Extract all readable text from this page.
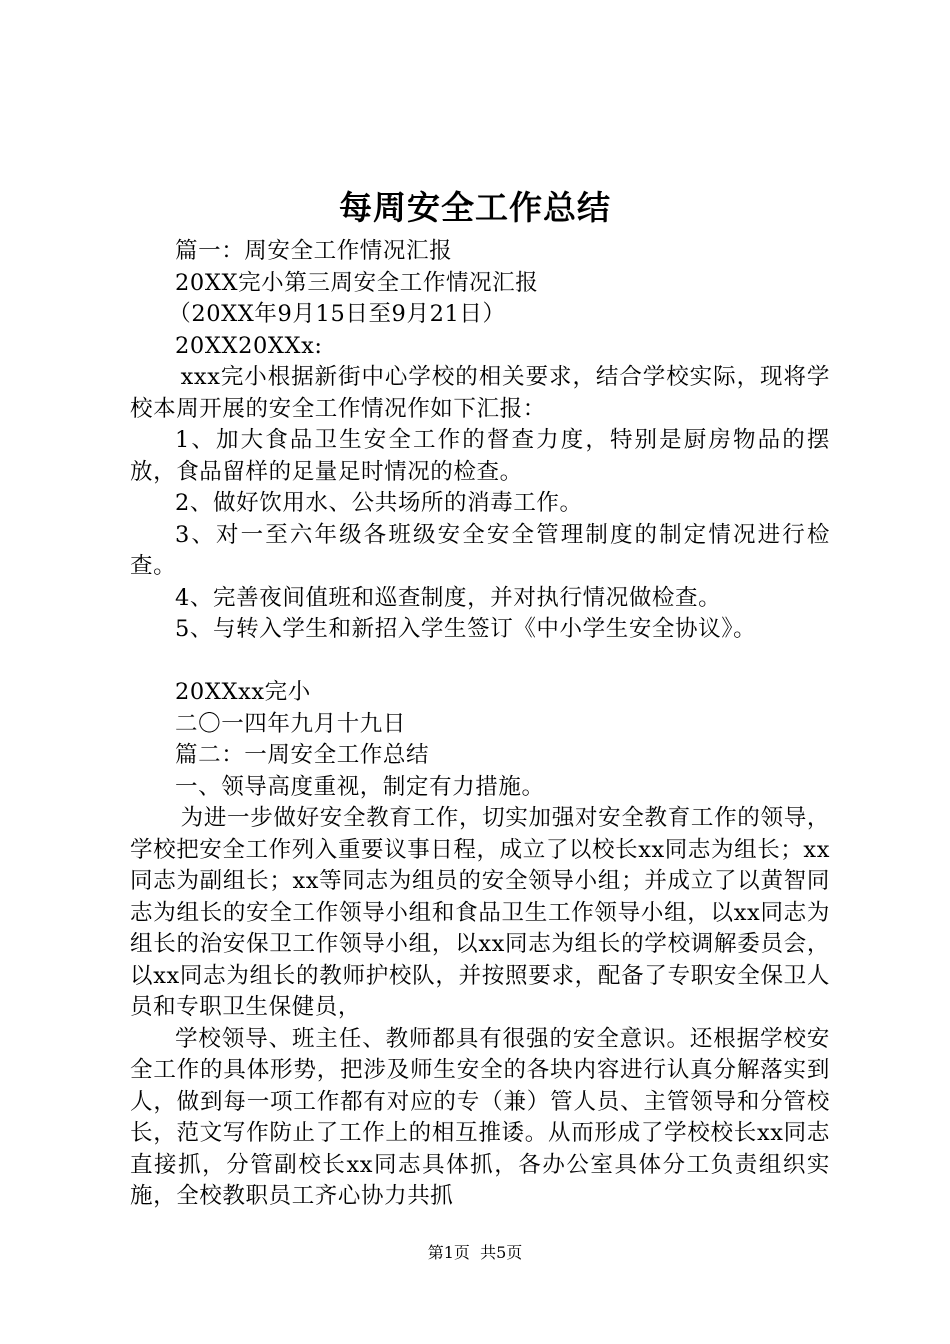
每周安全工作总结

篇一：周安全工作情况汇报

20XX完小第三周安全工作情况汇报

（20XX年9月15日至9月21日）

20XX20XXx:

xxx完小根据新街中心学校的相关要求，结合学校实际，现将学校本周开展的安全工作情况作如下汇报：

1、加大食品卫生安全工作的督查力度，特别是厨房物品的摆放，食品留样的足量足时情况的检查。

2、做好饮用水、公共场所的消毒工作。

3、对一至六年级各班级安全安全管理制度的制定情况进行检查。

4、完善夜间值班和巡查制度，并对执行情况做检查。

5、与转入学生和新招入学生签订《中小学生安全协议》。

20XXxx完小

二〇一四年九月十九日

篇二：一周安全工作总结

一、领导高度重视，制定有力措施。

为进一步做好安全教育工作，切实加强对安全教育工作的领导，学校把安全工作列入重要议事日程，成立了以校长xx同志为组长；xx同志为副组长；xx等同志为组员的安全领导小组；并成立了以黄智同志为组长的安全工作领导小组和食品卫生工作领导小组，以xx同志为组长的治安保卫工作领导小组，以xx同志为组长的学校调解委员会，以xx同志为组长的教师护校队，并按照要求，配备了专职安全保卫人员和专职卫生保健员，

学校领导、班主任、教师都具有很强的安全意识。还根据学校安全工作的具体形势，把涉及师生安全的各块内容进行认真分解落实到人，做到每一项工作都有对应的专（兼）管人员、主管领导和分管校长，范文写作防止了工作上的相互推诿。从而形成了学校校长xx同志直接抓，分管副校长xx同志具体抓，各办公室具体分工负责组织实施，全校教职员工齐心协力共抓

第1页 共5页
